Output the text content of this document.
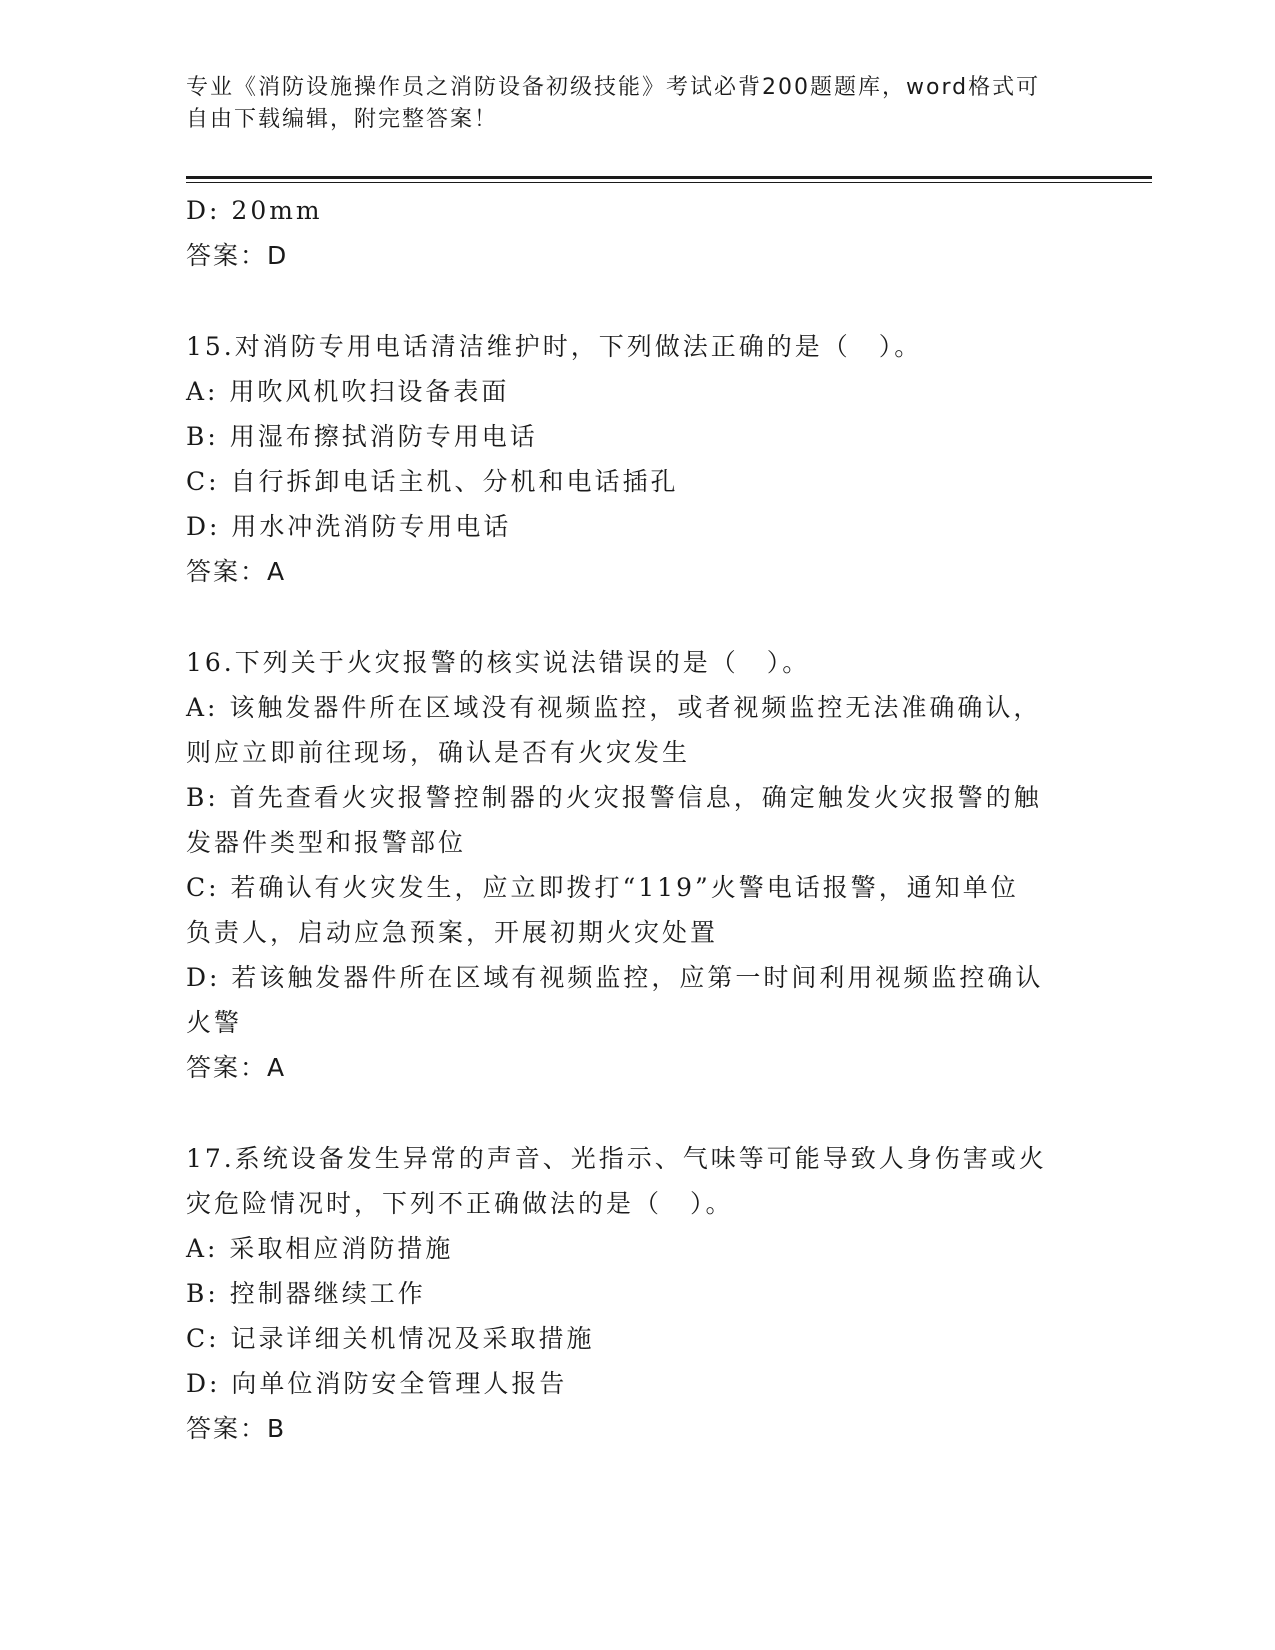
专业《消防设施操作员之消防设备初级技能》考试必背200题题库，word格式可
自由下载编辑，附完整答案！
D: 20mm
答案：D
15.对消防专用电话清洁维护时，下列做法正确的是（　）。
A: 用吹风机吹扫设备表面
B: 用湿布擦拭消防专用电话
C: 自行拆卸电话主机、分机和电话插孔
D: 用水冲洗消防专用电话
答案：A
16.下列关于火灾报警的核实说法错误的是（　）。
A: 该触发器件所在区域没有视频监控，或者视频监控无法准确确认，
则应立即前往现场，确认是否有火灾发生
B: 首先查看火灾报警控制器的火灾报警信息，确定触发火灾报警的触
发器件类型和报警部位
C: 若确认有火灾发生，应立即拨打“119”火警电话报警，通知单位
负责人，启动应急预案，开展初期火灾处置
D: 若该触发器件所在区域有视频监控，应第一时间利用视频监控确认
火警
答案：A
17.系统设备发生异常的声音、光指示、气味等可能导致人身伤害或火
灾危险情况时，下列不正确做法的是（　）。
A: 采取相应消防措施
B: 控制器继续工作
C: 记录详细关机情况及采取措施
D: 向单位消防安全管理人报告
答案：B
